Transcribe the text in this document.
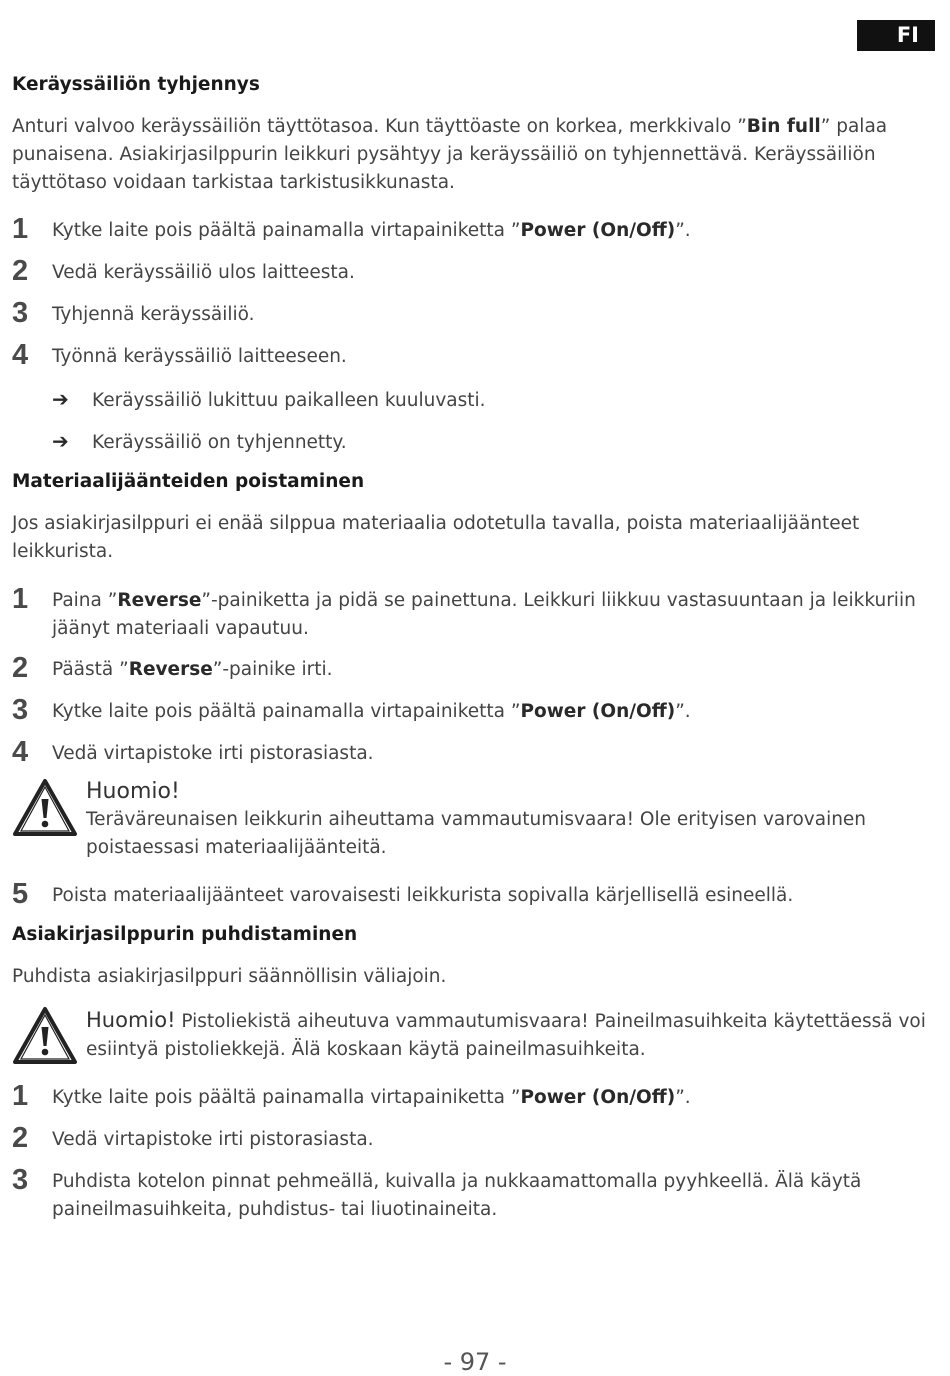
FI
Keräyssäiliön tyhjennys
Anturi valvoo keräyssäiliön täyttötasoa. Kun täyttöaste on korkea, merkkivalo ”Bin full” palaa punaisena. Asiakirjasilppurin leikkuri pysähtyy ja keräyssäiliö on tyhjennettävä. Keräyssäiliön täyttötaso voidaan tarkistaa tarkistusikkunasta.
1 Kytke laite pois päältä painamalla virtapainiketta ”Power (On/Off)”.
2 Vedä keräyssäiliö ulos laitteesta.
3 Tyhjennä keräyssäiliö.
4 Työnnä keräyssäiliö laitteeseen.
➔ Keräyssäiliö lukittuu paikalleen kuuluvasti.
➔ Keräyssäiliö on tyhjennetty.
Materiaalijäänteiden poistaminen
Jos asiakirjasilppuri ei enää silppua materiaalia odotetulla tavalla, poista materiaalijäänteet leikkurista.
1 Paina ”Reverse”-painiketta ja pidä se painettuna. Leikkuri liikkuu vastasuuntaan ja leikkuriin jäänyt materiaali vapautuu.
2 Päästä ”Reverse”-painike irti.
3 Kytke laite pois päältä painamalla virtapainiketta ”Power (On/Off)”.
4 Vedä virtapistoke irti pistorasiasta.
Huomio!
Teräväreunaisen leikkurin aiheuttama vammautumisvaara! Ole erityisen varovainen poistaessasi materiaalijäänteitä.
5 Poista materiaalijäänteet varovaisesti leikkurista sopivalla kärjellisellä esineellä.
Asiakirjasilppurin puhdistaminen
Puhdista asiakirjasilppuri säännöllisin väliajoin.
Huomio! Pistoliekistä aiheutuva vammautumisvaara! Paineilmasuihkeita käytettäessä voi esiintyä pistoliekkejä. Älä koskaan käytä paineilmasuihkeita.
1 Kytke laite pois päältä painamalla virtapainiketta ”Power (On/Off)”.
2 Vedä virtapistoke irti pistorasiasta.
3 Puhdista kotelon pinnat pehmeällä, kuivalla ja nukkaamattomalla pyyhkeellä. Älä käytä paineilmasuihkeita, puhdistus- tai liuotinaineita.
- 97 -
